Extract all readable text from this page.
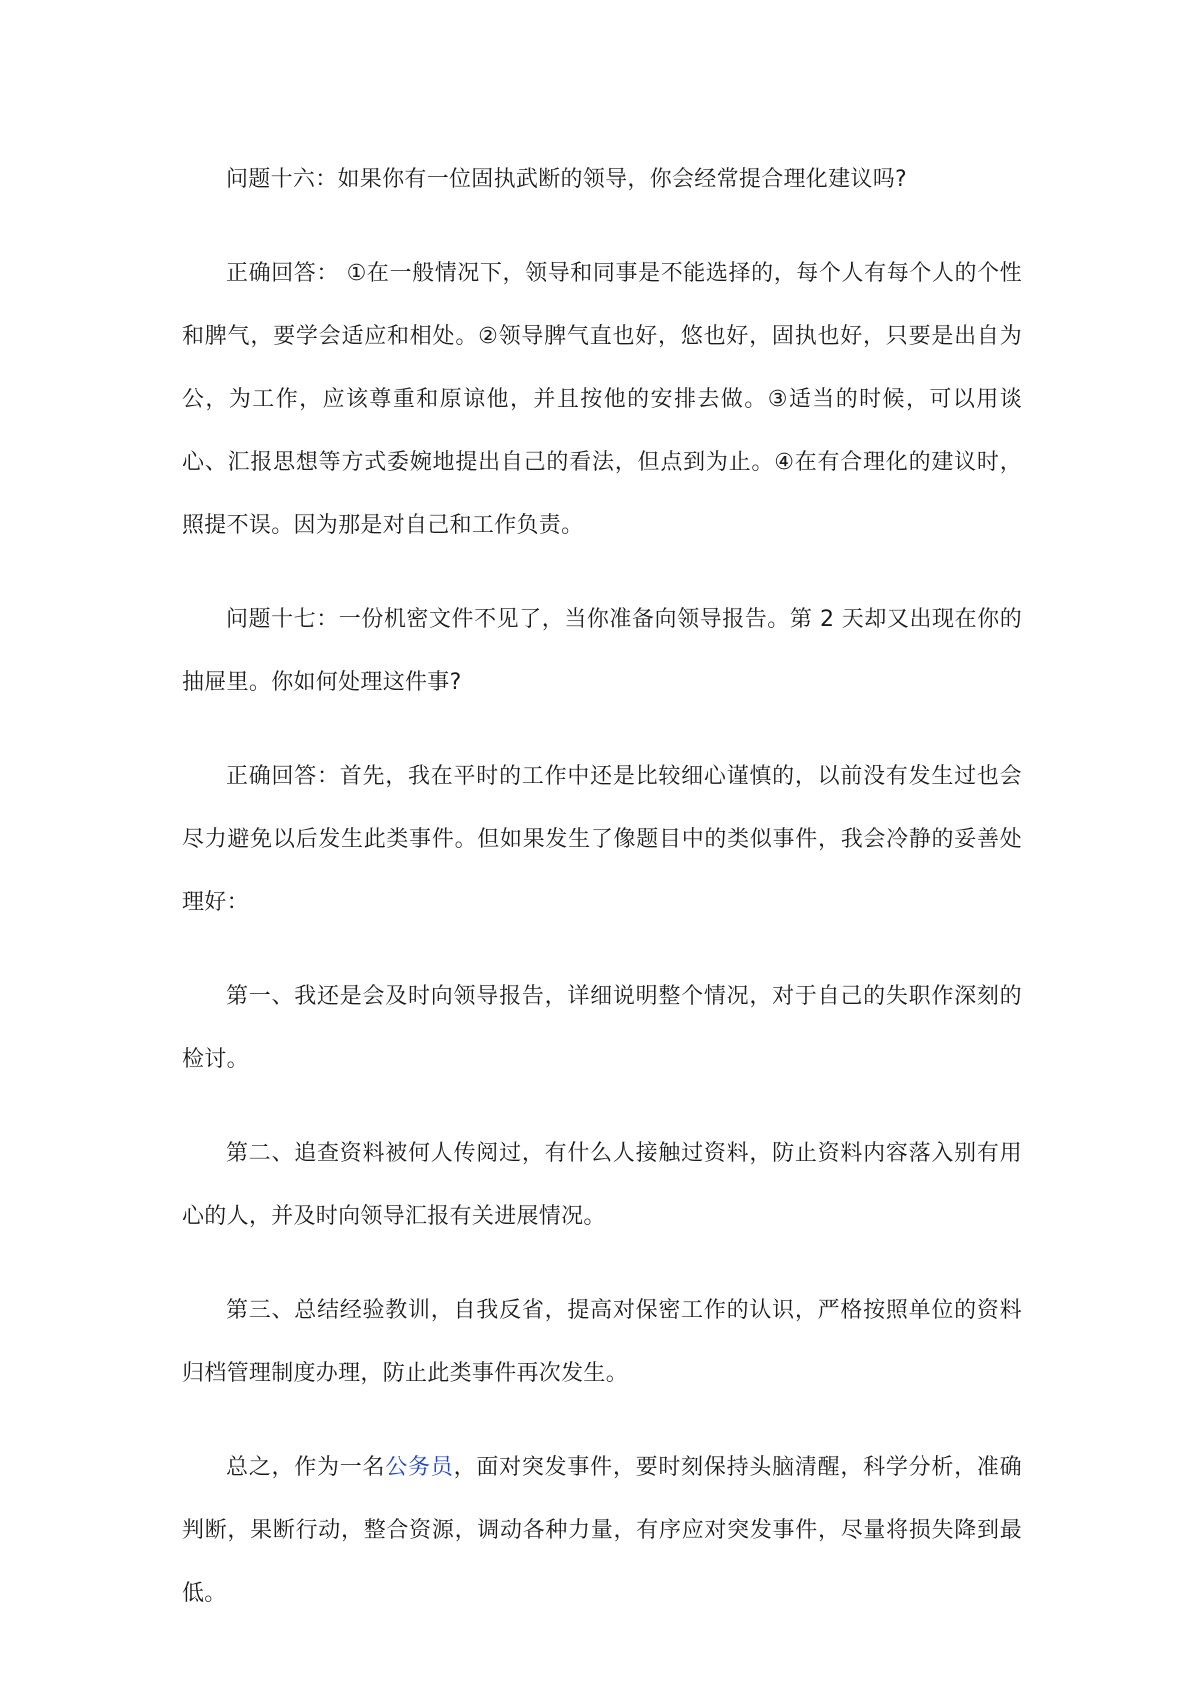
问题十六：如果你有一位固执武断的领导，你会经常提合理化建议吗?

正确回答： ①在一般情况下，领导和同事是不能选择的，每个人有每个人的个性和脾气，要学会适应和相处。②领导脾气直也好，悠也好，固执也好，只要是出自为公，为工作，应该尊重和原谅他，并且按他的安排去做。③适当的时候，可以用谈心、汇报思想等方式委婉地提出自己的看法，但点到为止。④在有合理化的建议时，照提不误。因为那是对自己和工作负责。

问题十七：一份机密文件不见了，当你准备向领导报告。第 2 天却又出现在你的抽屉里。你如何处理这件事?

正确回答：首先，我在平时的工作中还是比较细心谨慎的，以前没有发生过也会尽力避免以后发生此类事件。但如果发生了像题目中的类似事件，我会冷静的妥善处理好：

第一、我还是会及时向领导报告，详细说明整个情况，对于自己的失职作深刻的检讨。

第二、追查资料被何人传阅过，有什么人接触过资料，防止资料内容落入别有用心的人，并及时向领导汇报有关进展情况。

第三、总结经验教训，自我反省，提高对保密工作的认识，严格按照单位的资料归档管理制度办理，防止此类事件再次发生。

总之，作为一名公务员，面对突发事件，要时刻保持头脑清醒，科学分析，准确判断，果断行动，整合资源，调动各种力量，有序应对突发事件，尽量将损失降到最低。
